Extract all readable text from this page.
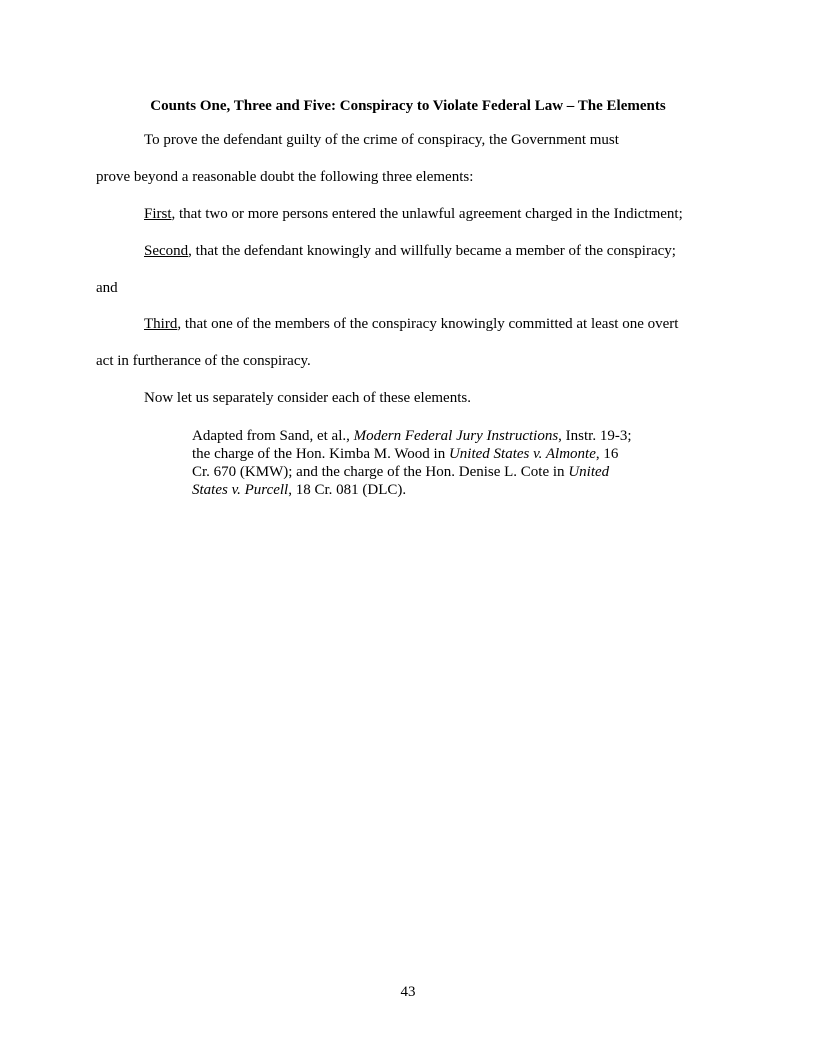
Counts One, Three and Five: Conspiracy to Violate Federal Law – The Elements
To prove the defendant guilty of the crime of conspiracy, the Government must
prove beyond a reasonable doubt the following three elements:
First, that two or more persons entered the unlawful agreement charged in the Indictment;
Second, that the defendant knowingly and willfully became a member of the conspiracy;
and
Third, that one of the members of the conspiracy knowingly committed at least one overt
act in furtherance of the conspiracy.
Now let us separately consider each of these elements.
Adapted from Sand, et al., Modern Federal Jury Instructions, Instr. 19-3; the charge of the Hon. Kimba M. Wood in United States v. Almonte, 16 Cr. 670 (KMW); and the charge of the Hon. Denise L. Cote in United States v. Purcell, 18 Cr. 081 (DLC).
43
